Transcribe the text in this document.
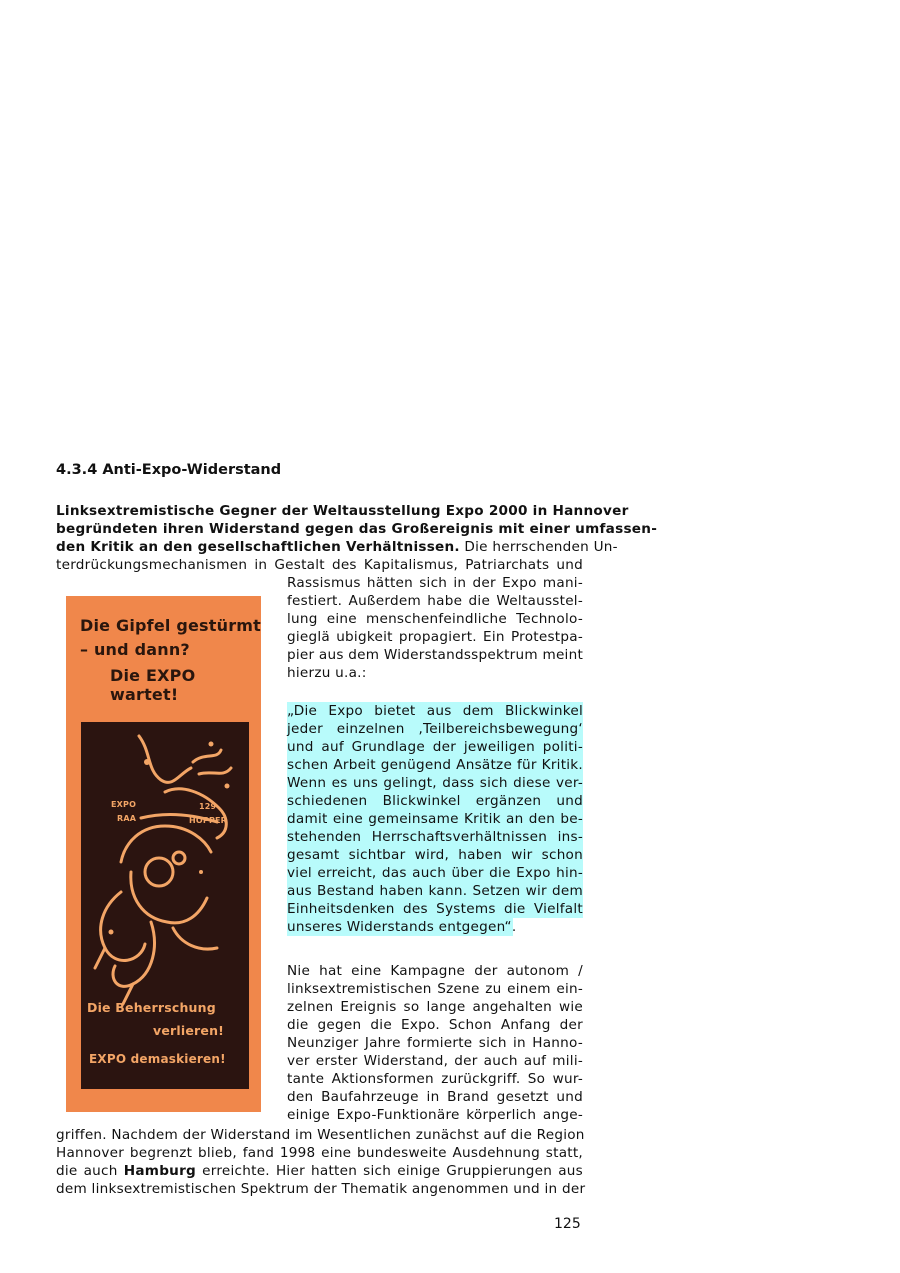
4.3.4 Anti-Expo-Widerstand
Linksextremistische Gegner der Weltausstellung Expo 2000 in Hannover
begründeten ihren Widerstand gegen das Großereignis mit einer umfassen-
den Kritik an den gesellschaftlichen Verhältnissen. Die herrschenden Un-
terdrückungsmechanismen in Gestalt des Kapitalismus, Patriarchats und
Rassismus hätten sich in der Expo mani-
festiert. Außerdem habe die Weltausstel-
lung eine menschenfeindliche Technolo-
gieglä ubigkeit propagiert. Ein Protestpa-
pier aus dem Widerstandsspektrum meint
hierzu u.a.:
„Die Expo bietet aus dem Blickwinkel
jeder einzelnen ‚Teilbereichsbewegung‘
und auf Grundlage der jeweiligen politi-
schen Arbeit genügend Ansätze für Kritik.
Wenn es uns gelingt, dass sich diese ver-
schiedenen Blickwinkel ergänzen und
damit eine gemeinsame Kritik an den be-
stehenden Herrschaftsverhältnissen ins-
gesamt sichtbar wird, haben wir schon
viel erreicht, das auch über die Expo hin-
aus Bestand haben kann. Setzen wir dem
Einheitsdenken des Systems die Vielfalt
unseres Widerstands entgegen“.
Nie hat eine Kampagne der autonom /
linksextremistischen Szene zu einem ein-
zelnen Ereignis so lange angehalten wie
die gegen die Expo. Schon Anfang der
Neunziger Jahre formierte sich in Hanno-
ver erster Widerstand, der auch auf mili-
tante Aktionsformen zurückgriff. So wur-
den Baufahrzeuge in Brand gesetzt und
einige Expo-Funktionäre körperlich ange-
griffen. Nachdem der Widerstand im Wesentlichen zunächst auf die Region
Hannover begrenzt blieb, fand 1998 eine bundesweite Ausdehnung statt,
die auch Hamburg erreichte. Hier hatten sich einige Gruppierungen aus
dem linksextremistischen Spektrum der Thematik angenommen und in der
Die Gipfel gestürmt
– und dann?
Die EXPO wartet!
EXPO	129
RAA	HOPPER
Die Beherrschung
verlieren!
EXPO demaskieren!
125
